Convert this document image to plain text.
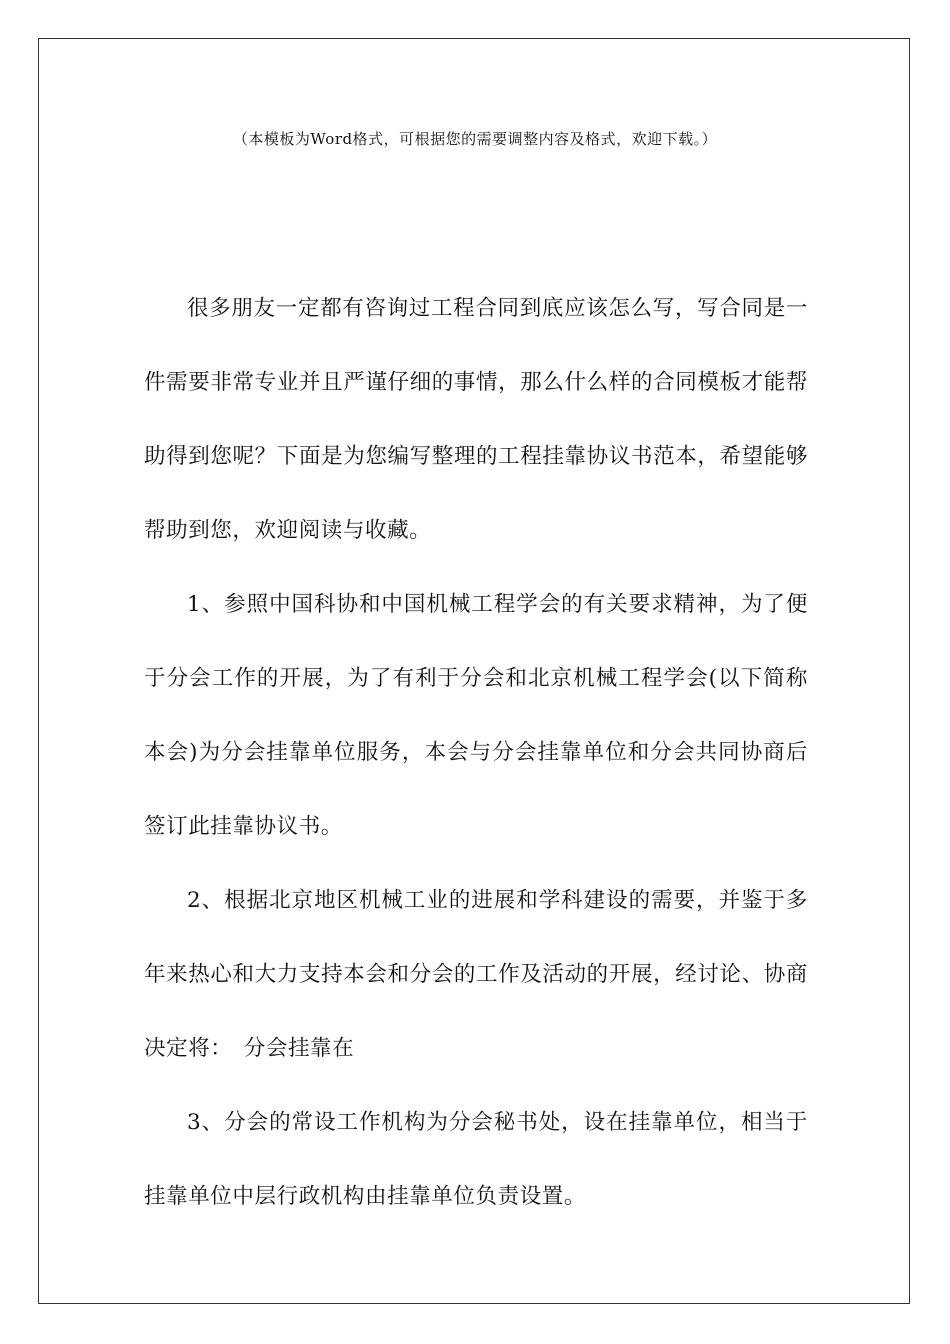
（本模板为Word格式，可根据您的需要调整内容及格式，欢迎下载。）

很多朋友一定都有咨询过工程合同到底应该怎么写，写合同是一件需要非常专业并且严谨仔细的事情，那么什么样的合同模板才能帮助得到您呢？下面是为您编写整理的工程挂靠协议书范本，希望能够帮助到您，欢迎阅读与收藏。

1、参照中国科协和中国机械工程学会的有关要求精神，为了便于分会工作的开展，为了有利于分会和北京机械工程学会(以下简称本会)为分会挂靠单位服务，本会与分会挂靠单位和分会共同协商后签订此挂靠协议书。

2、根据北京地区机械工业的进展和学科建设的需要，并鉴于多年来热心和大力支持本会和分会的工作及活动的开展，经讨论、协商决定将：　分会挂靠在

3、分会的常设工作机构为分会秘书处，设在挂靠单位，相当于挂靠单位中层行政机构由挂靠单位负责设置。
